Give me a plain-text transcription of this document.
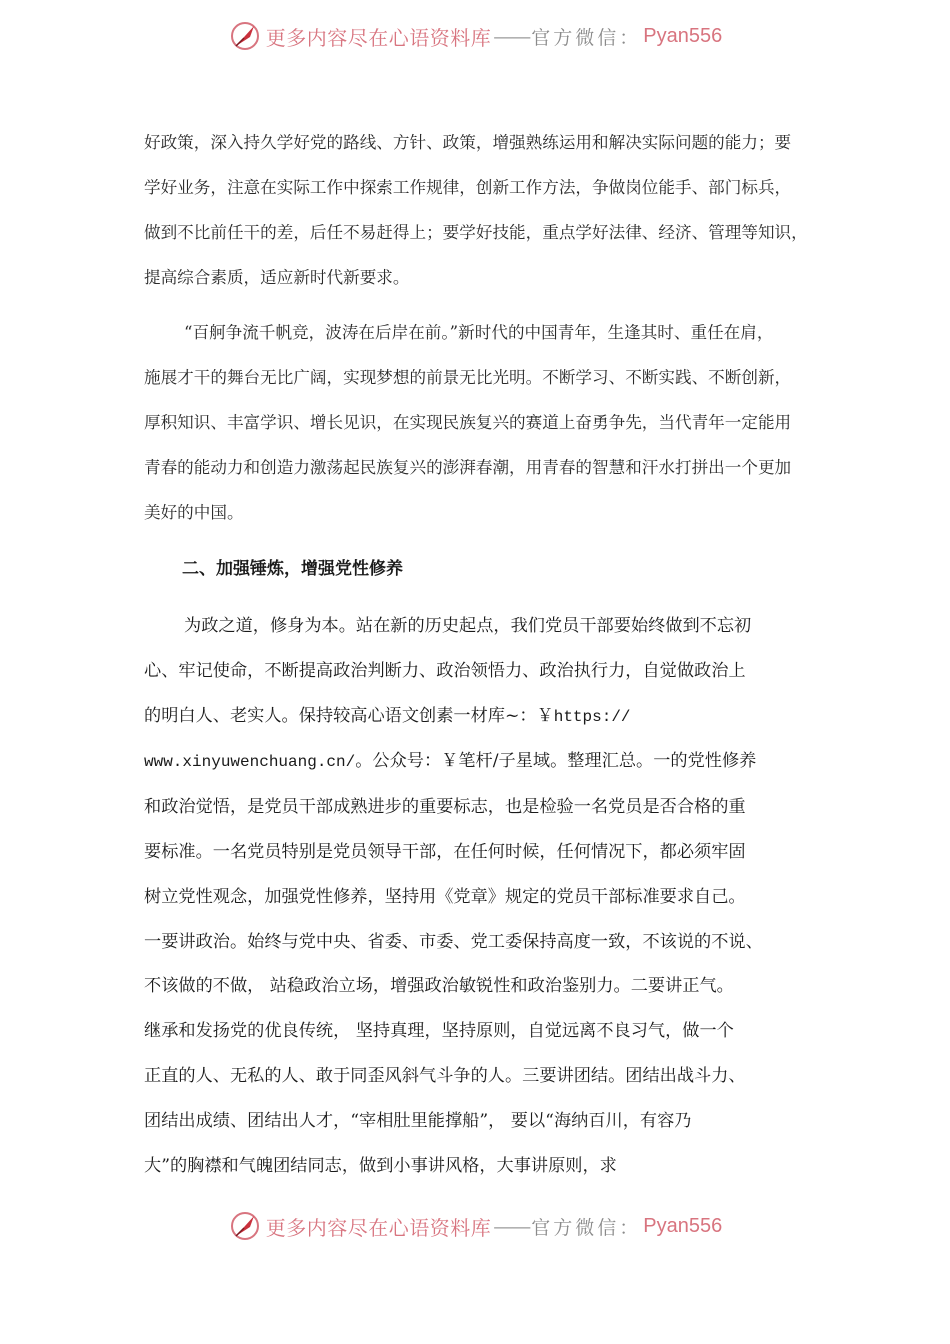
更多内容尽在心语资料库 —— 官方微信： Pyan556
好政策，深入持久学好党的路线、方针、政策，增强熟练运用和解决实际问题的能力；要
学好业务，注意在实际工作中探索工作规律，创新工作方法，争做岗位能手、部门标兵，
做到不比前任干的差，后任不易赶得上；要学好技能，重点学好法律、经济、管理等知识，
提高综合素质，适应新时代新要求。
“百舸争流千帆竞，波涛在后岸在前。”新时代的中国青年，生逢其时、重任在肩，
施展才干的舞台无比广阔，实现梦想的前景无比光明。不断学习、不断实践、不断创新，
厚积知识、丰富学识、增长见识，在实现民族复兴的赛道上奋勇争先，当代青年一定能用
青春的能动力和创造力激荡起民族复兴的澎湃春潮，用青春的智慧和汗水打拼出一个更加
美好的中国。
二、加强锤炼，增强党性修养
为政之道，修身为本。站在新的历史起点，我们党员干部要始终做到不忘初
心、牢记使命，不断提高政治判断力、政治领悟力、政治执行力，自觉做政治上
的明白人、老实人。保持较高心语文创素一材库~：￥https://
www.xinyuwenchuang.cn/。公众号：￥笔杆/子星域。整理汇总。一的党性修养
和政治觉悟，是党员干部成熟进步的重要标志，也是检验一名党员是否合格的重
要标准。一名党员特别是党员领导干部，在任何时候，任何情况下，都必须牢固
树立党性观念，加强党性修养，坚持用《党章》规定的党员干部标准要求自己。
一要讲政治。始终与党中央、省委、市委、党工委保持高度一致，不该说的不说、
不该做的不做， 站稳政治立场，增强政治敏锐性和政治鉴别力。二要讲正气。
继承和发扬党的优良传统， 坚持真理，坚持原则，自觉远离不良习气，做一个
正直的人、无私的人、敢于同歪风斜气斗争的人。三要讲团结。团结出战斗力、
团结出成绩、团结出人才，“宰相肚里能撑船”， 要以“海纳百川，有容乃
大”的胸襟和气魄团结同志，做到小事讲风格，大事讲原则，求
更多内容尽在心语资料库 —— 官方微信： Pyan556
